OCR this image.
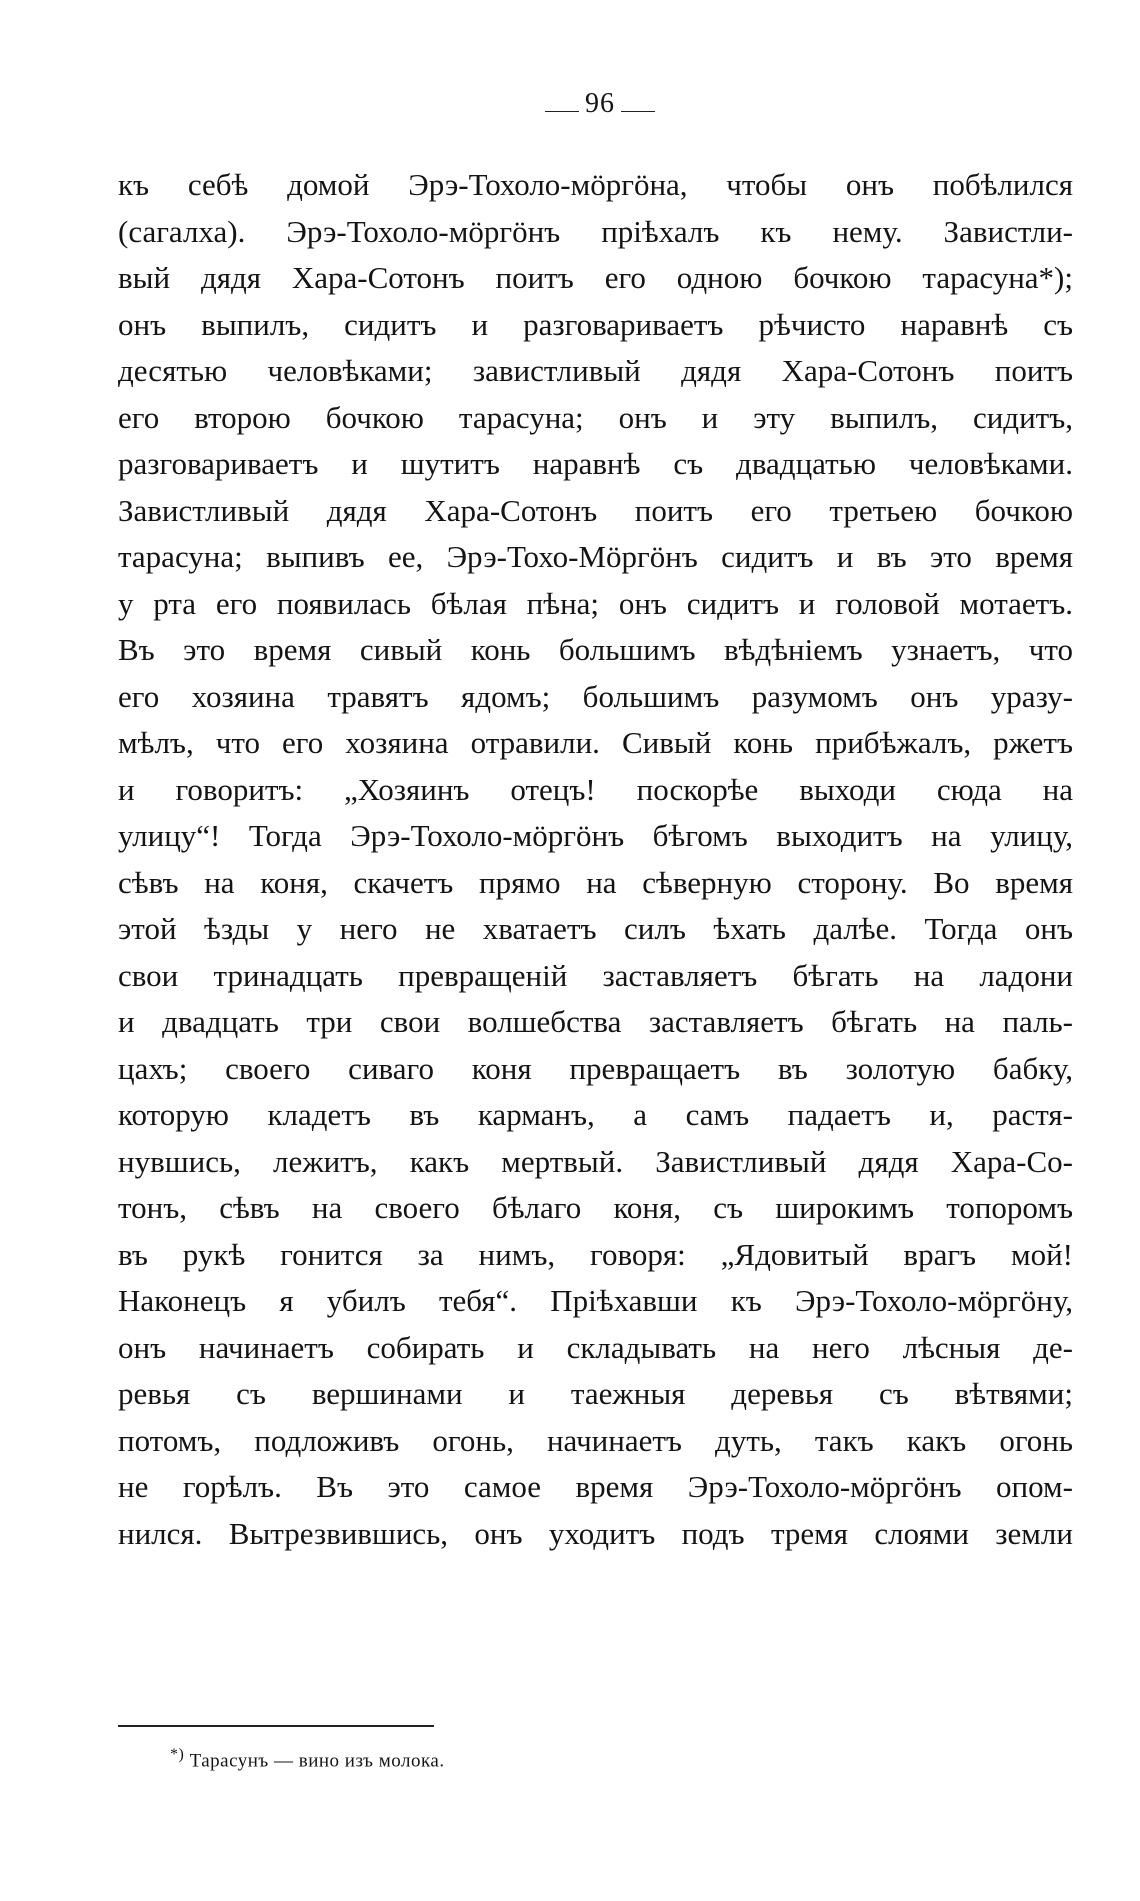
96
къ себѣ домой Эрэ-Тохоло-мӧргӧна, чтобы онъ побѣлился
(сагалха). Эрэ-Тохоло-мӧргӧнъ пріѣхалъ къ нему. Завистли-
вый дядя Хара-Сотонъ поитъ его одною бочкою тарасуна*);
онъ выпилъ, сидитъ и разговариваетъ рѣчисто наравнѣ съ
десятью человѣками; завистливый дядя Хара-Сотонъ поитъ
его второю бочкою тарасуна; онъ и эту выпилъ, сидитъ,
разговариваетъ и шутитъ наравнѣ съ двадцатью человѣками.
Завистливый дядя Хара-Сотонъ поитъ его третьею бочкою
тарасуна; выпивъ ее, Эрэ-Тохо-Мӧргӧнъ сидитъ и въ это время
у рта его появилась бѣлая пѣна; онъ сидитъ и головой мотаетъ.
Въ это время сивый конь большимъ вѣдѣніемъ узнаетъ, что
его хозяина травятъ ядомъ; большимъ разумомъ онъ уразу-
мѣлъ, что его хозяина отравили. Сивый конь прибѣжалъ, ржетъ
и говоритъ: „Хозяинъ отецъ! поскорѣе выходи сюда на
улицу“! Тогда Эрэ-Тохоло-мӧргӧнъ бѣгомъ выходитъ на улицу,
сѣвъ на коня, скачетъ прямо на сѣверную сторону. Во время
этой ѣзды у него не хватаетъ силъ ѣхать далѣе. Тогда онъ
свои тринадцать превращеній заставляетъ бѣгать на ладони
и двадцать три свои волшебства заставляетъ бѣгать на паль-
цахъ; своего сиваго коня превращаетъ въ золотую бабку,
которую кладетъ въ карманъ, а самъ падаетъ и, растя-
нувшись, лежитъ, какъ мертвый. Завистливый дядя Хара-Со-
тонъ, сѣвъ на своего бѣлаго коня, съ широкимъ топоромъ
въ рукѣ гонится за нимъ, говоря: „Ядовитый врагъ мой!
Наконецъ я убилъ тебя“. Пріѣхавши къ Эрэ-Тохоло-мӧргӧну,
онъ начинаетъ собирать и складывать на него лѣсныя де-
ревья съ вершинами и таежныя деревья съ вѣтвями;
потомъ, подложивъ огонь, начинаетъ дуть, такъ какъ огонь
не горѣлъ. Въ это самое время Эрэ-Тохоло-мӧргӧнъ опом-
нился. Вытрезвившись, онъ уходитъ подъ тремя слоями земли
*) Тарасунъ — вино изъ молока.
